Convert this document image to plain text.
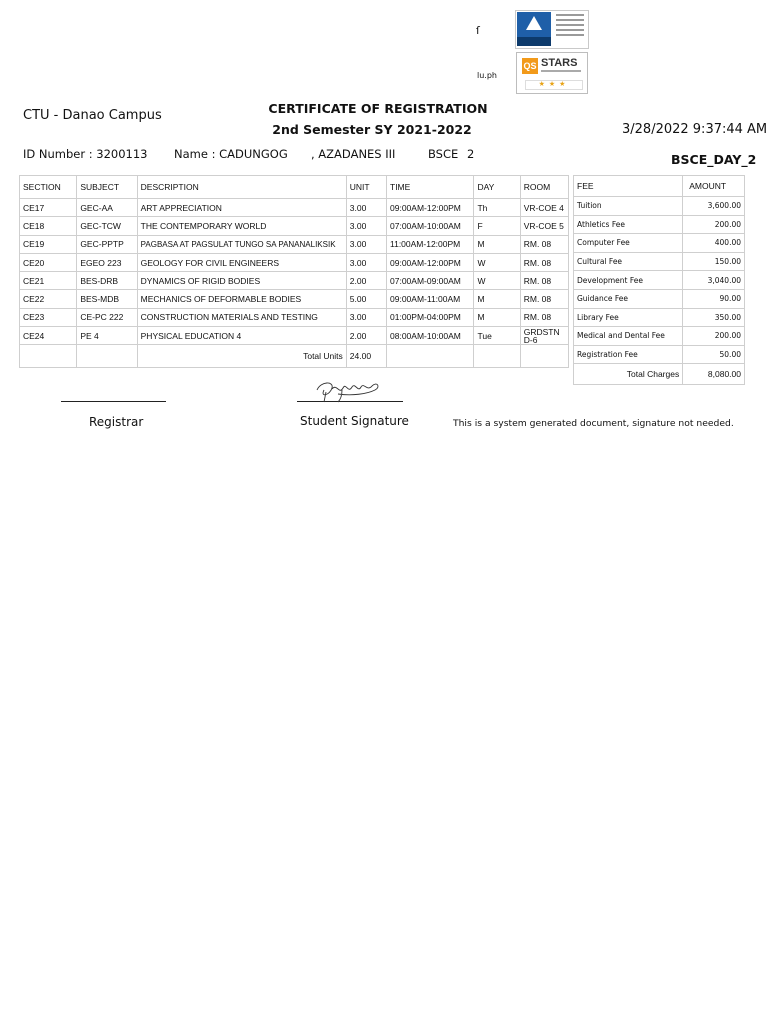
QS STARS
★★★
ſ
lu.ph
CTU - Danao Campus	CERTIFICATE OF REGISTRATION
2nd Semester SY 2021-2022	3/28/2022 9:37:44 AM
ID Number : 3200113 Name : CADUNGOG , AZADANES III	BSCE 2	BSCE_DAY_2
SECTION	SUBJECT	DESCRIPTION	UNIT	TIME	DAY	ROOM
CE17	GEC-AA	ART APPRECIATION	3.00	09:00AM-12:00PM	Th	VR-COE 4
CE18	GEC-TCW	THE CONTEMPORARY WORLD	3.00	07:00AM-10:00AM	F	VR-COE 5
CE19	GEC-PPTP	PAGBASA AT PAGSULAT TUNGO SA PANANALIKSIK	3.00	11:00AM-12:00PM	M	RM. 08
CE20	EGEO 223	GEOLOGY FOR CIVIL ENGINEERS	3.00	09:00AM-12:00PM	W	RM. 08
CE21	BES-DRB	DYNAMICS OF RIGID BODIES	2.00	07:00AM-09:00AM	W	RM. 08
CE22	BES-MDB	MECHANICS OF DEFORMABLE BODIES	5.00	09:00AM-11:00AM	M	RM. 08
CE23	CE-PC 222	CONSTRUCTION MATERIALS AND TESTING	3.00	01:00PM-04:00PM	M	RM. 08
CE24	PE 4	PHYSICAL EDUCATION 4	2.00	08:00AM-10:00AM	Tue	GRDSTND-6
		Total Units	24.00			
FEE	AMOUNT
Tuition	3,600.00
Athletics Fee	200.00
Computer Fee	400.00
Cultural Fee	150.00
Development Fee	3,040.00
Guidance Fee	90.00
Library Fee	350.00
Medical and Dental Fee	200.00
Registration Fee	50.00
Total Charges	8,080.00
Registrar	Student Signature	This is a system generated document, signature not needed.
